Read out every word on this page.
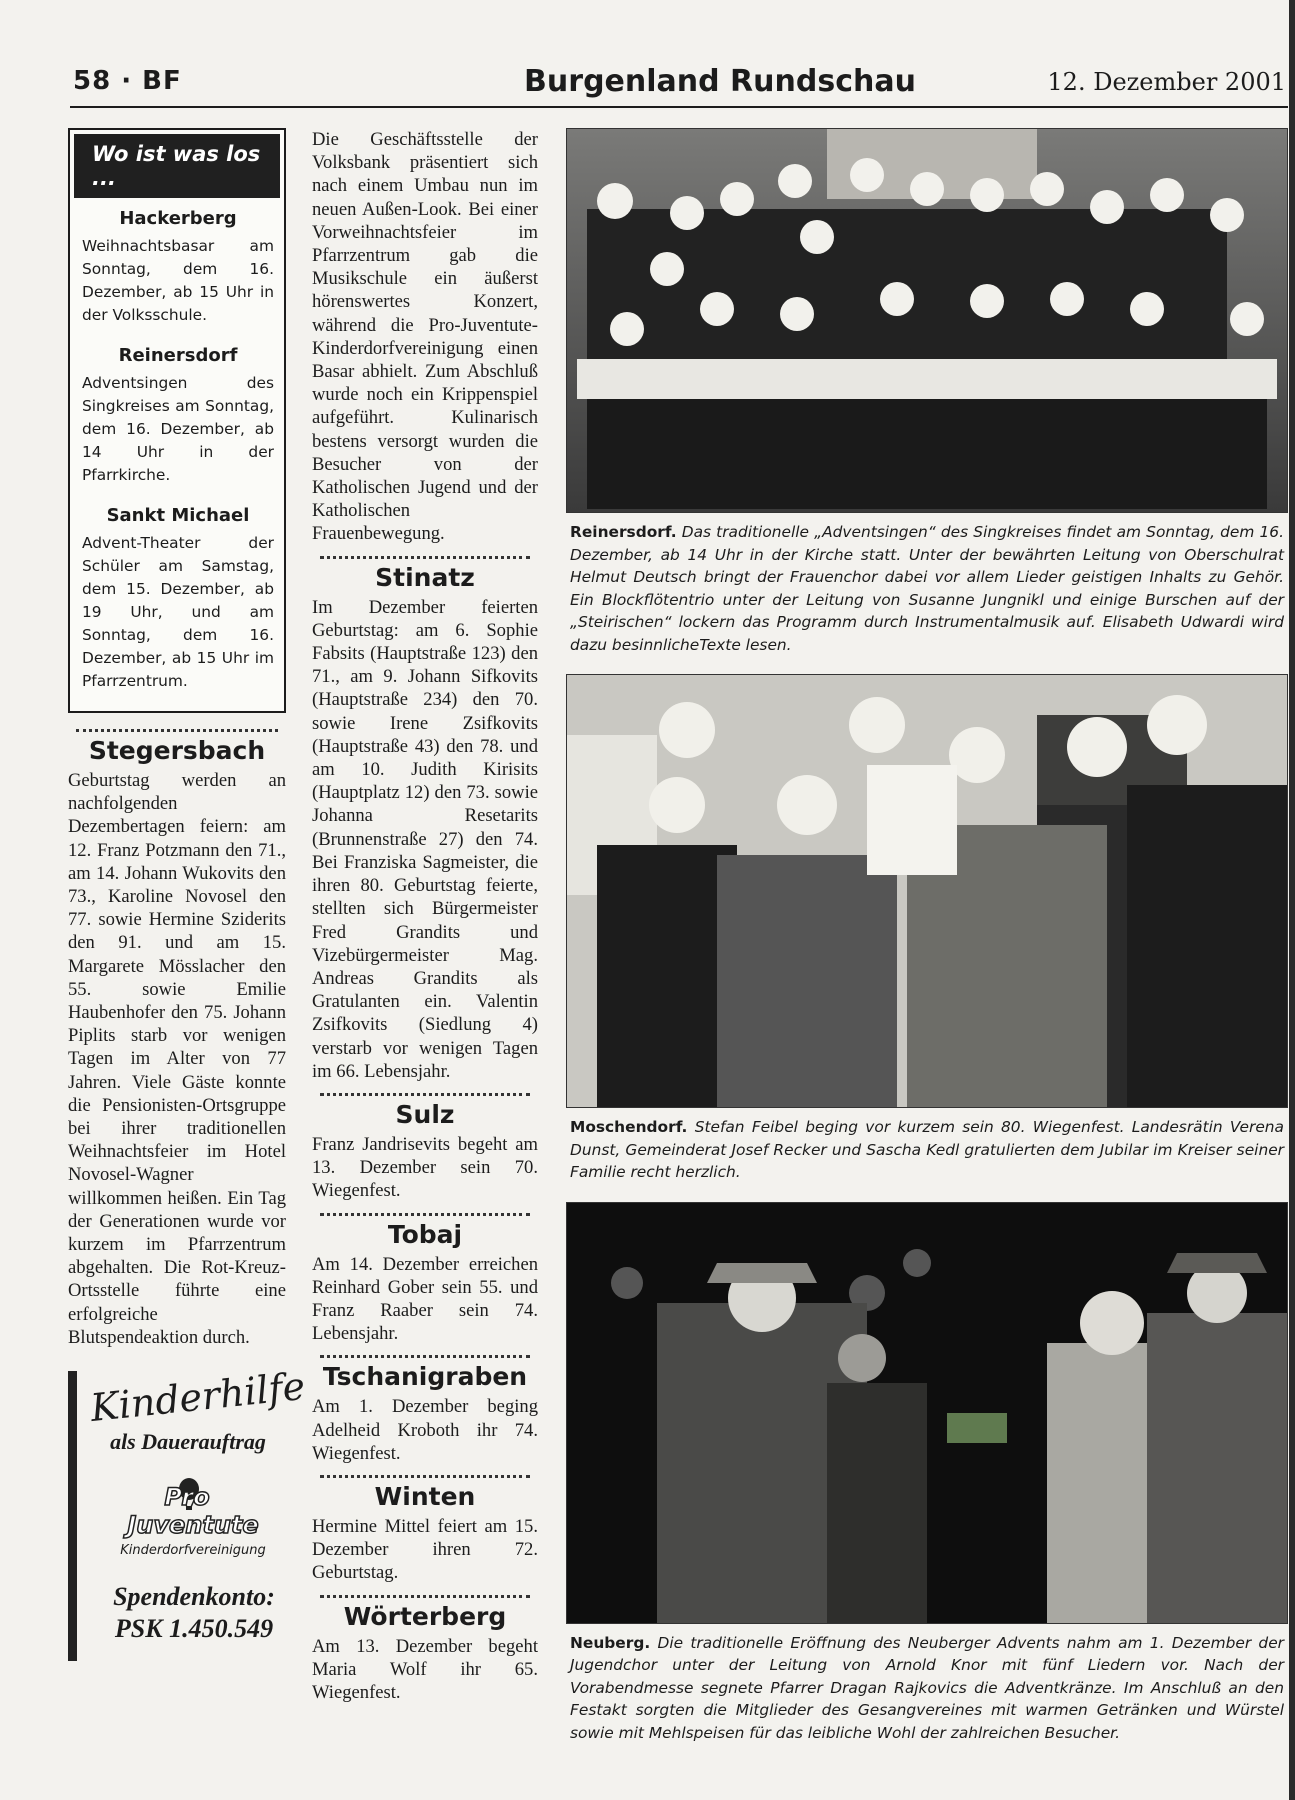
58 · BF	Burgenland Rundschau	12. Dezember 2001
Wo ist was los ...
Hackerberg
Weihnachtsbasar am Sonntag, dem 16. Dezember, ab 15 Uhr in der Volksschule.
Reinersdorf
Adventsingen des Singkreises am Sonntag, dem 16. Dezember, ab 14 Uhr in der Pfarrkirche.
Sankt Michael
Advent-Theater der Schüler am Samstag, dem 15. Dezember, ab 19 Uhr, und am Sonntag, dem 16. Dezember, ab 15 Uhr im Pfarrzentrum.
Stegersbach
Geburtstag werden an nachfolgenden Dezembertagen feiern: am 12. Franz Potzmann den 71., am 14. Johann Wukovits den 73., Karoline Novosel den 77. sowie Hermine Sziderits den 91. und am 15. Margarete Mösslacher den 55. sowie Emilie Haubenhofer den 75. Johann Piplits starb vor wenigen Tagen im Alter von 77 Jahren. Viele Gäste konnte die Pensionisten-Ortsgruppe bei ihrer traditionellen Weihnachtsfeier im Hotel Novosel-Wagner willkommen heißen. Ein Tag der Generationen wurde vor kurzem im Pfarrzentrum abgehalten. Die Rot-Kreuz-Ortsstelle führte eine erfolgreiche Blutspendeaktion durch.
Kinderhilfe
als Dauerauftrag
Pro
Juventute
Kinderdorfvereinigung
Spendenkonto:
PSK 1.450.549
Die Geschäftsstelle der Volksbank präsentiert sich nach einem Umbau nun im neuen Außen-Look. Bei einer Vorweihnachtsfeier im Pfarrzentrum gab die Musikschule ein äußerst hörenswertes Konzert, während die Pro-Juventute-Kinderdorfvereinigung einen Basar abhielt. Zum Abschluß wurde noch ein Krippenspiel aufgeführt. Kulinarisch bestens versorgt wurden die Besucher von der Katholischen Jugend und der Katholischen Frauenbewegung.
Stinatz
Im Dezember feierten Geburtstag: am 6. Sophie Fabsits (Hauptstraße 123) den 71., am 9. Johann Sifkovits (Hauptstraße 234) den 70. sowie Irene Zsifkovits (Hauptstraße 43) den 78. und am 10. Judith Kirisits (Hauptplatz 12) den 73. sowie Johanna Resetarits (Brunnenstraße 27) den 74. Bei Franziska Sagmeister, die ihren 80. Geburtstag feierte, stellten sich Bürgermeister Fred Grandits und Vizebürgermeister Mag. Andreas Grandits als Gratulanten ein. Valentin Zsifkovits (Siedlung 4) verstarb vor wenigen Tagen im 66. Lebensjahr.
Sulz
Franz Jandrisevits begeht am 13. Dezember sein 70. Wiegenfest.
Tobaj
Am 14. Dezember erreichen Reinhard Gober sein 55. und Franz Raaber sein 74. Lebensjahr.
Tschanigraben
Am 1. Dezember beging Adelheid Kroboth ihr 74. Wiegenfest.
Winten
Hermine Mittel feiert am 15. Dezember ihren 72. Geburtstag.
Wörterberg
Am 13. Dezember begeht Maria Wolf ihr 65. Wiegenfest.
Reinersdorf. Das traditionelle „Adventsingen“ des Singkreises findet am Sonntag, dem 16. Dezember, ab 14 Uhr in der Kirche statt. Unter der bewährten Leitung von Oberschulrat Helmut Deutsch bringt der Frauenchor dabei vor allem Lieder geistigen Inhalts zu Gehör. Ein Blockflötentrio unter der Leitung von Susanne Jungnikl und einige Burschen auf der „Steirischen“ lockern das Programm durch Instrumentalmusik auf. Elisabeth Udwardi wird dazu besinnlicheTexte lesen.
Moschendorf. Stefan Feibel beging vor kurzem sein 80. Wiegenfest. Landesrätin Verena Dunst, Gemeinderat Josef Recker und Sascha Kedl gratulierten dem Jubilar im Kreiser seiner Familie recht herzlich.
Neuberg. Die traditionelle Eröffnung des Neuberger Advents nahm am 1. Dezember der Jugendchor unter der Leitung von Arnold Knor mit fünf Liedern vor. Nach der Vorabendmesse segnete Pfarrer Dragan Rajkovics die Adventkränze. Im Anschluß an den Festakt sorgten die Mitglieder des Gesangvereines mit warmen Getränken und Würstel sowie mit Mehlspeisen für das leibliche Wohl der zahlreichen Besucher.
